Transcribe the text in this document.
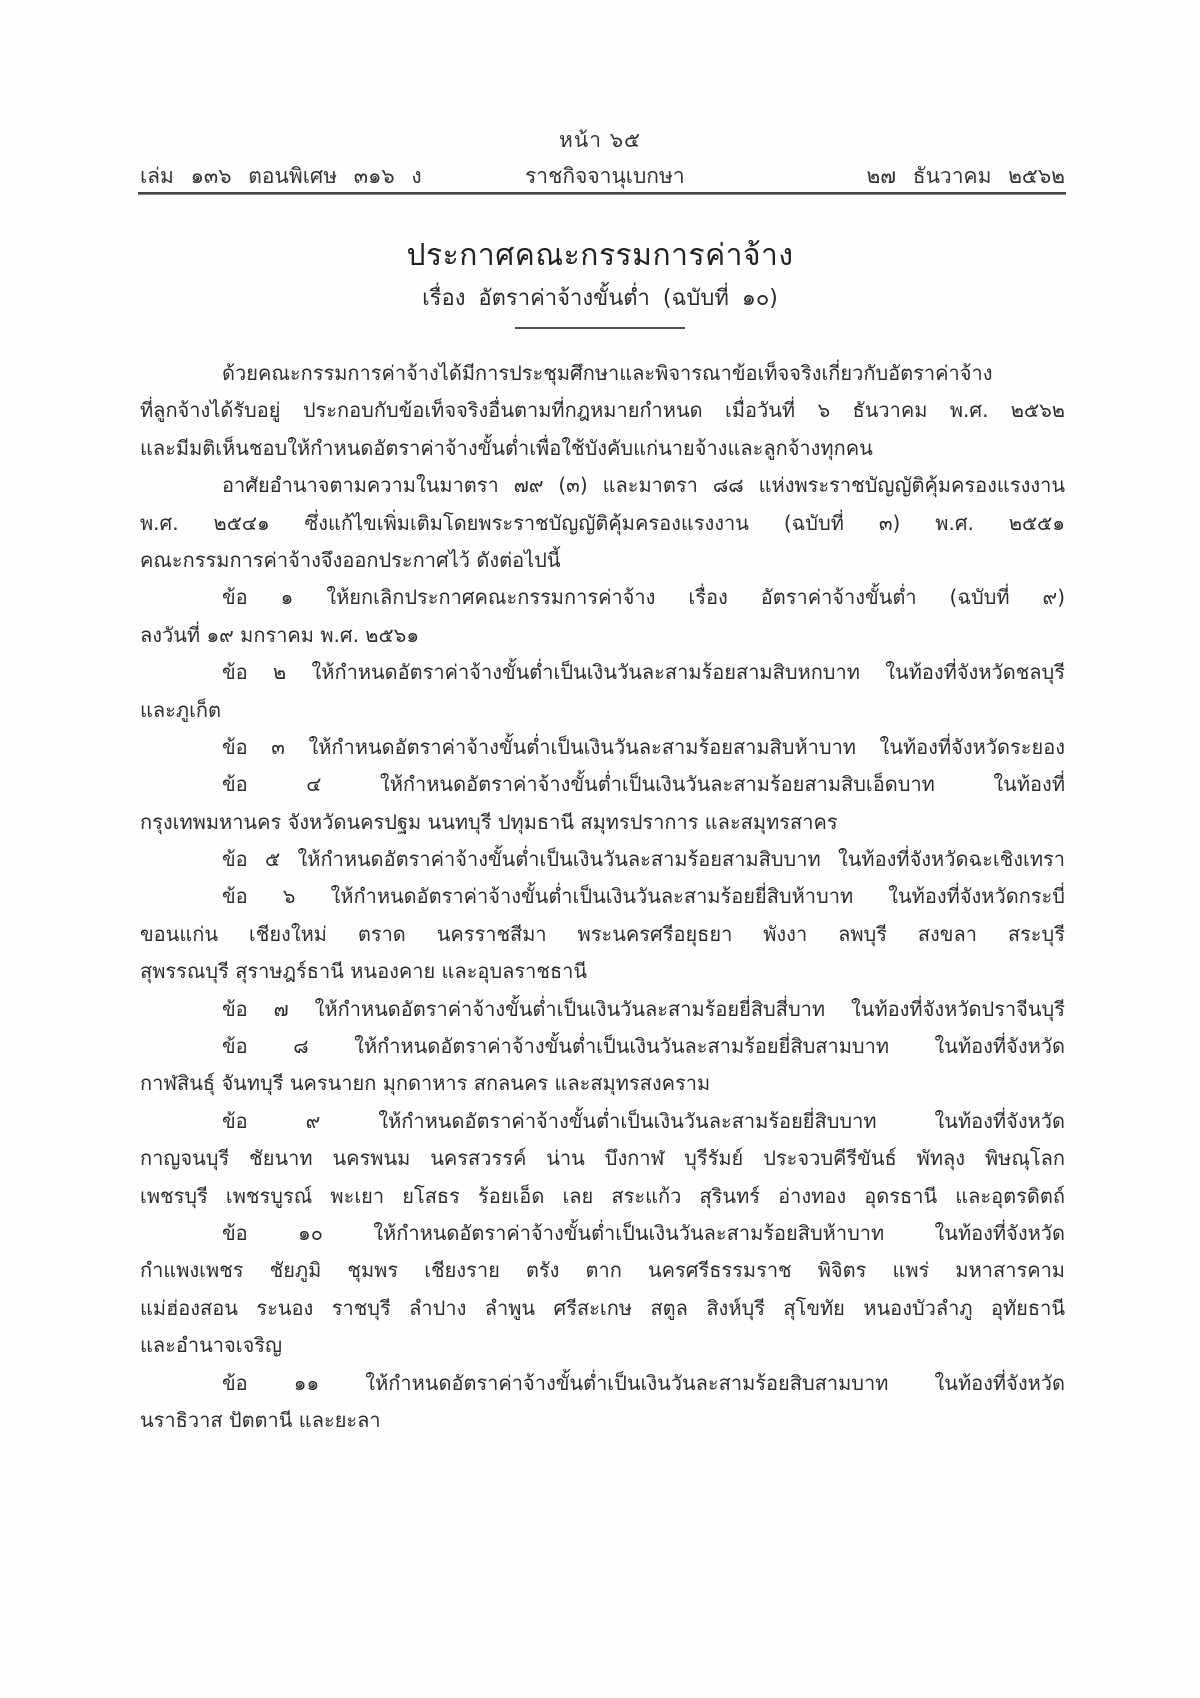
หน้า ๖๕
เล่ม ๑๓๖ ตอนพิเศษ ๓๑๖ ง	ราชกิจจานุเบกษา	๒๗ ธันวาคม ๒๕๖๒
ประกาศคณะกรรมการค่าจ้าง
เรื่อง อัตราค่าจ้างขั้นต่ำ (ฉบับที่ ๑๐)
ด้วยคณะกรรมการค่าจ้างได้มีการประชุมศึกษาและพิจารณาข้อเท็จจริงเกี่ยวกับอัตราค่าจ้าง
ที่ลูกจ้างได้รับอยู่ ประกอบกับข้อเท็จจริงอื่นตามที่กฎหมายกำหนด เมื่อวันที่ ๖ ธันวาคม พ.ศ. ๒๕๖๒
และมีมติเห็นชอบให้กำหนดอัตราค่าจ้างขั้นต่ำเพื่อใช้บังคับแก่นายจ้างและลูกจ้างทุกคน
อาศัยอำนาจตามความในมาตรา ๗๙ (๓) และมาตรา ๘๘ แห่งพระราชบัญญัติคุ้มครองแรงงาน
พ.ศ. ๒๕๔๑ ซึ่งแก้ไขเพิ่มเติมโดยพระราชบัญญัติคุ้มครองแรงงาน (ฉบับที่ ๓) พ.ศ. ๒๕๕๑
คณะกรรมการค่าจ้างจึงออกประกาศไว้ ดังต่อไปนี้
ข้อ ๑ ให้ยกเลิกประกาศคณะกรรมการค่าจ้าง เรื่อง อัตราค่าจ้างขั้นต่ำ (ฉบับที่ ๙)
ลงวันที่ ๑๙ มกราคม พ.ศ. ๒๕๖๑
ข้อ ๒ ให้กำหนดอัตราค่าจ้างขั้นต่ำเป็นเงินวันละสามร้อยสามสิบหกบาท ในท้องที่จังหวัดชลบุรี
และภูเก็ต
ข้อ ๓ ให้กำหนดอัตราค่าจ้างขั้นต่ำเป็นเงินวันละสามร้อยสามสิบห้าบาท ในท้องที่จังหวัดระยอง
ข้อ ๔ ให้กำหนดอัตราค่าจ้างขั้นต่ำเป็นเงินวันละสามร้อยสามสิบเอ็ดบาท ในท้องที่
กรุงเทพมหานคร จังหวัดนครปฐม นนทบุรี ปทุมธานี สมุทรปราการ และสมุทรสาคร
ข้อ ๕ ให้กำหนดอัตราค่าจ้างขั้นต่ำเป็นเงินวันละสามร้อยสามสิบบาท ในท้องที่จังหวัดฉะเชิงเทรา
ข้อ ๖ ให้กำหนดอัตราค่าจ้างขั้นต่ำเป็นเงินวันละสามร้อยยี่สิบห้าบาท ในท้องที่จังหวัดกระบี่
ขอนแก่น เชียงใหม่ ตราด นครราชสีมา พระนครศรีอยุธยา พังงา ลพบุรี สงขลา สระบุรี
สุพรรณบุรี สุราษฎร์ธานี หนองคาย และอุบลราชธานี
ข้อ ๗ ให้กำหนดอัตราค่าจ้างขั้นต่ำเป็นเงินวันละสามร้อยยี่สิบสี่บาท ในท้องที่จังหวัดปราจีนบุรี
ข้อ ๘ ให้กำหนดอัตราค่าจ้างขั้นต่ำเป็นเงินวันละสามร้อยยี่สิบสามบาท ในท้องที่จังหวัด
กาฬสินธุ์ จันทบุรี นครนายก มุกดาหาร สกลนคร และสมุทรสงคราม
ข้อ ๙ ให้กำหนดอัตราค่าจ้างขั้นต่ำเป็นเงินวันละสามร้อยยี่สิบบาท ในท้องที่จังหวัด
กาญจนบุรี ชัยนาท นครพนม นครสวรรค์ น่าน บึงกาฬ บุรีรัมย์ ประจวบคีรีขันธ์ พัทลุง พิษณุโลก
เพชรบุรี เพชรบูรณ์ พะเยา ยโสธร ร้อยเอ็ด เลย สระแก้ว สุรินทร์ อ่างทอง อุดรธานี และอุตรดิตถ์
ข้อ ๑๐ ให้กำหนดอัตราค่าจ้างขั้นต่ำเป็นเงินวันละสามร้อยสิบห้าบาท ในท้องที่จังหวัด
กำแพงเพชร ชัยภูมิ ชุมพร เชียงราย ตรัง ตาก นครศรีธรรมราช พิจิตร แพร่ มหาสารคาม
แม่ฮ่องสอน ระนอง ราชบุรี ลำปาง ลำพูน ศรีสะเกษ สตูล สิงห์บุรี สุโขทัย หนองบัวลำภู อุทัยธานี
และอำนาจเจริญ
ข้อ ๑๑ ให้กำหนดอัตราค่าจ้างขั้นต่ำเป็นเงินวันละสามร้อยสิบสามบาท ในท้องที่จังหวัด
นราธิวาส ปัตตานี และยะลา
